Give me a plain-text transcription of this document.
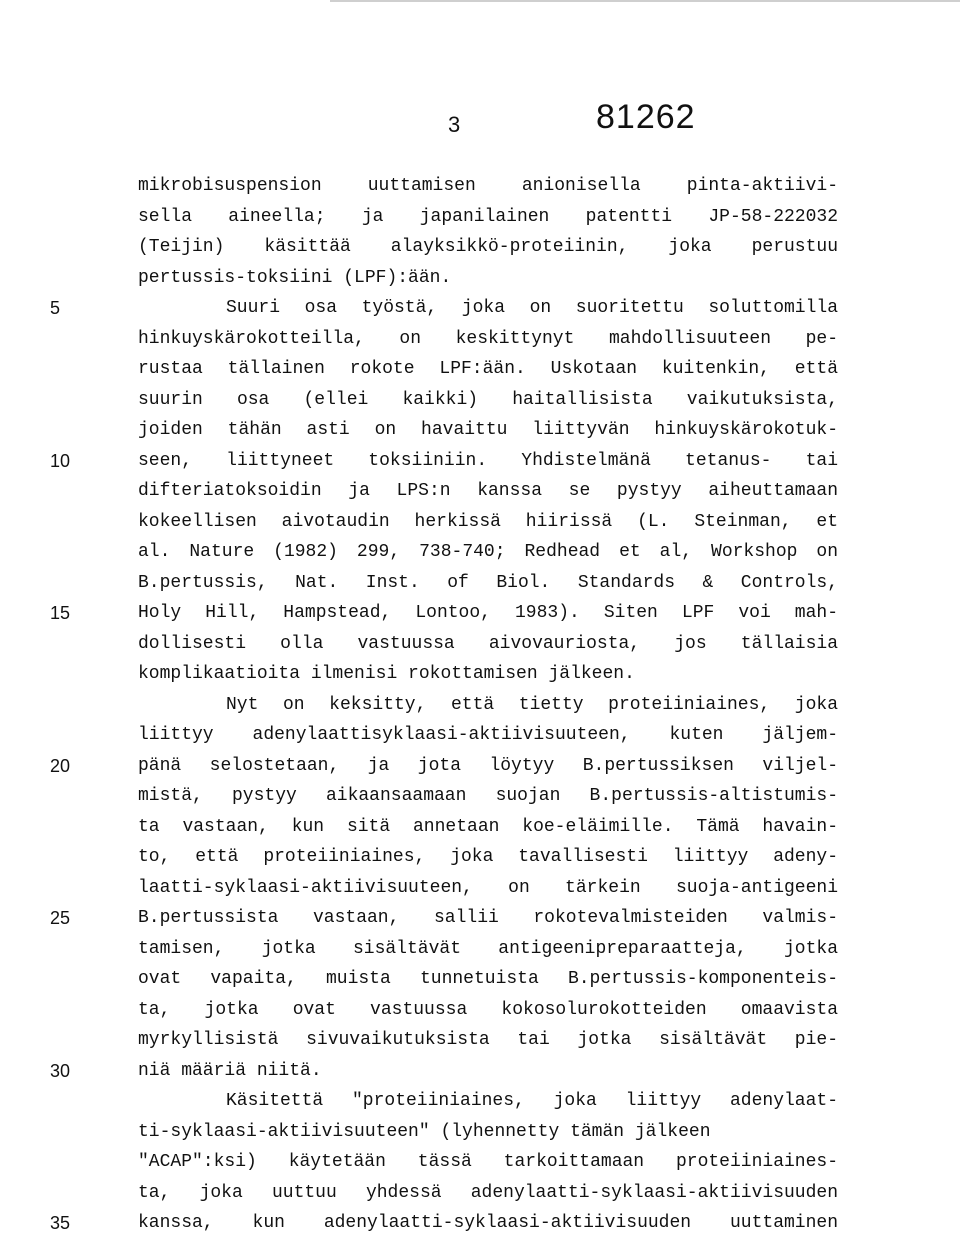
3	81262
mikrobisuspension uuttamisen anionisella pinta-aktiivi-
sella aineella; ja japanilainen patentti JP-58-222032
(Teijin) käsittää alayksikkö-proteiinin, joka perustuu
pertussis-toksiini (LPF):ään.
Suuri osa työstä, joka on suoritettu soluttomilla
hinkuyskärokotteilla, on keskittynyt mahdollisuuteen pe-
rustaa tällainen rokote LPF:ään. Uskotaan kuitenkin, että
suurin osa (ellei kaikki) haitallisista vaikutuksista,
joiden tähän asti on havaittu liittyvän hinkuyskärokotuk-
seen, liittyneet toksiiniin. Yhdistelmänä tetanus- tai
difteriatoksoidin ja LPS:n kanssa se pystyy aiheuttamaan
kokeellisen aivotaudin herkissä hiirissä (L. Steinman, et
al. Nature (1982) 299, 738-740; Redhead et al, Workshop on
B.pertussis, Nat. Inst. of Biol. Standards & Controls,
Holy Hill, Hampstead, Lontoo, 1983). Siten LPF voi mah-
dollisesti olla vastuussa aivovauriosta, jos tällaisia
komplikaatioita ilmenisi rokottamisen jälkeen.
Nyt on keksitty, että tietty proteiiniaines, joka
liittyy adenylaattisyklaasi-aktiivisuuteen, kuten jäljem-
pänä selostetaan, ja jota löytyy B.pertussiksen viljel-
mistä, pystyy aikaansaamaan suojan B.pertussis-altistumis-
ta vastaan, kun sitä annetaan koe-eläimille. Tämä havain-
to, että proteiiniaines, joka tavallisesti liittyy adeny-
laatti-syklaasi-aktiivisuuteen, on tärkein suoja-antigeeni
B.pertussista vastaan, sallii rokotevalmisteiden valmis-
tamisen, jotka sisältävät antigeenipreparaatteja, jotka
ovat vapaita, muista tunnetuista B.pertussis-komponenteis-
ta, jotka ovat vastuussa kokosolurokotteiden omaavista
myrkyllisistä sivuvaikutuksista tai jotka sisältävät pie-
niä määriä niitä.
Käsitettä "proteiiniaines, joka liittyy adenylaat-
ti-syklaasi-aktiivisuuteen" (lyhennetty tämän jälkeen
"ACAP":ksi) käytetään tässä tarkoittamaan proteiiniaines-
ta, joka uuttuu yhdessä adenylaatti-syklaasi-aktiivisuuden
kanssa, kun adenylaatti-syklaasi-aktiivisuuden uuttaminen
5
10
15
20
25
30
35
